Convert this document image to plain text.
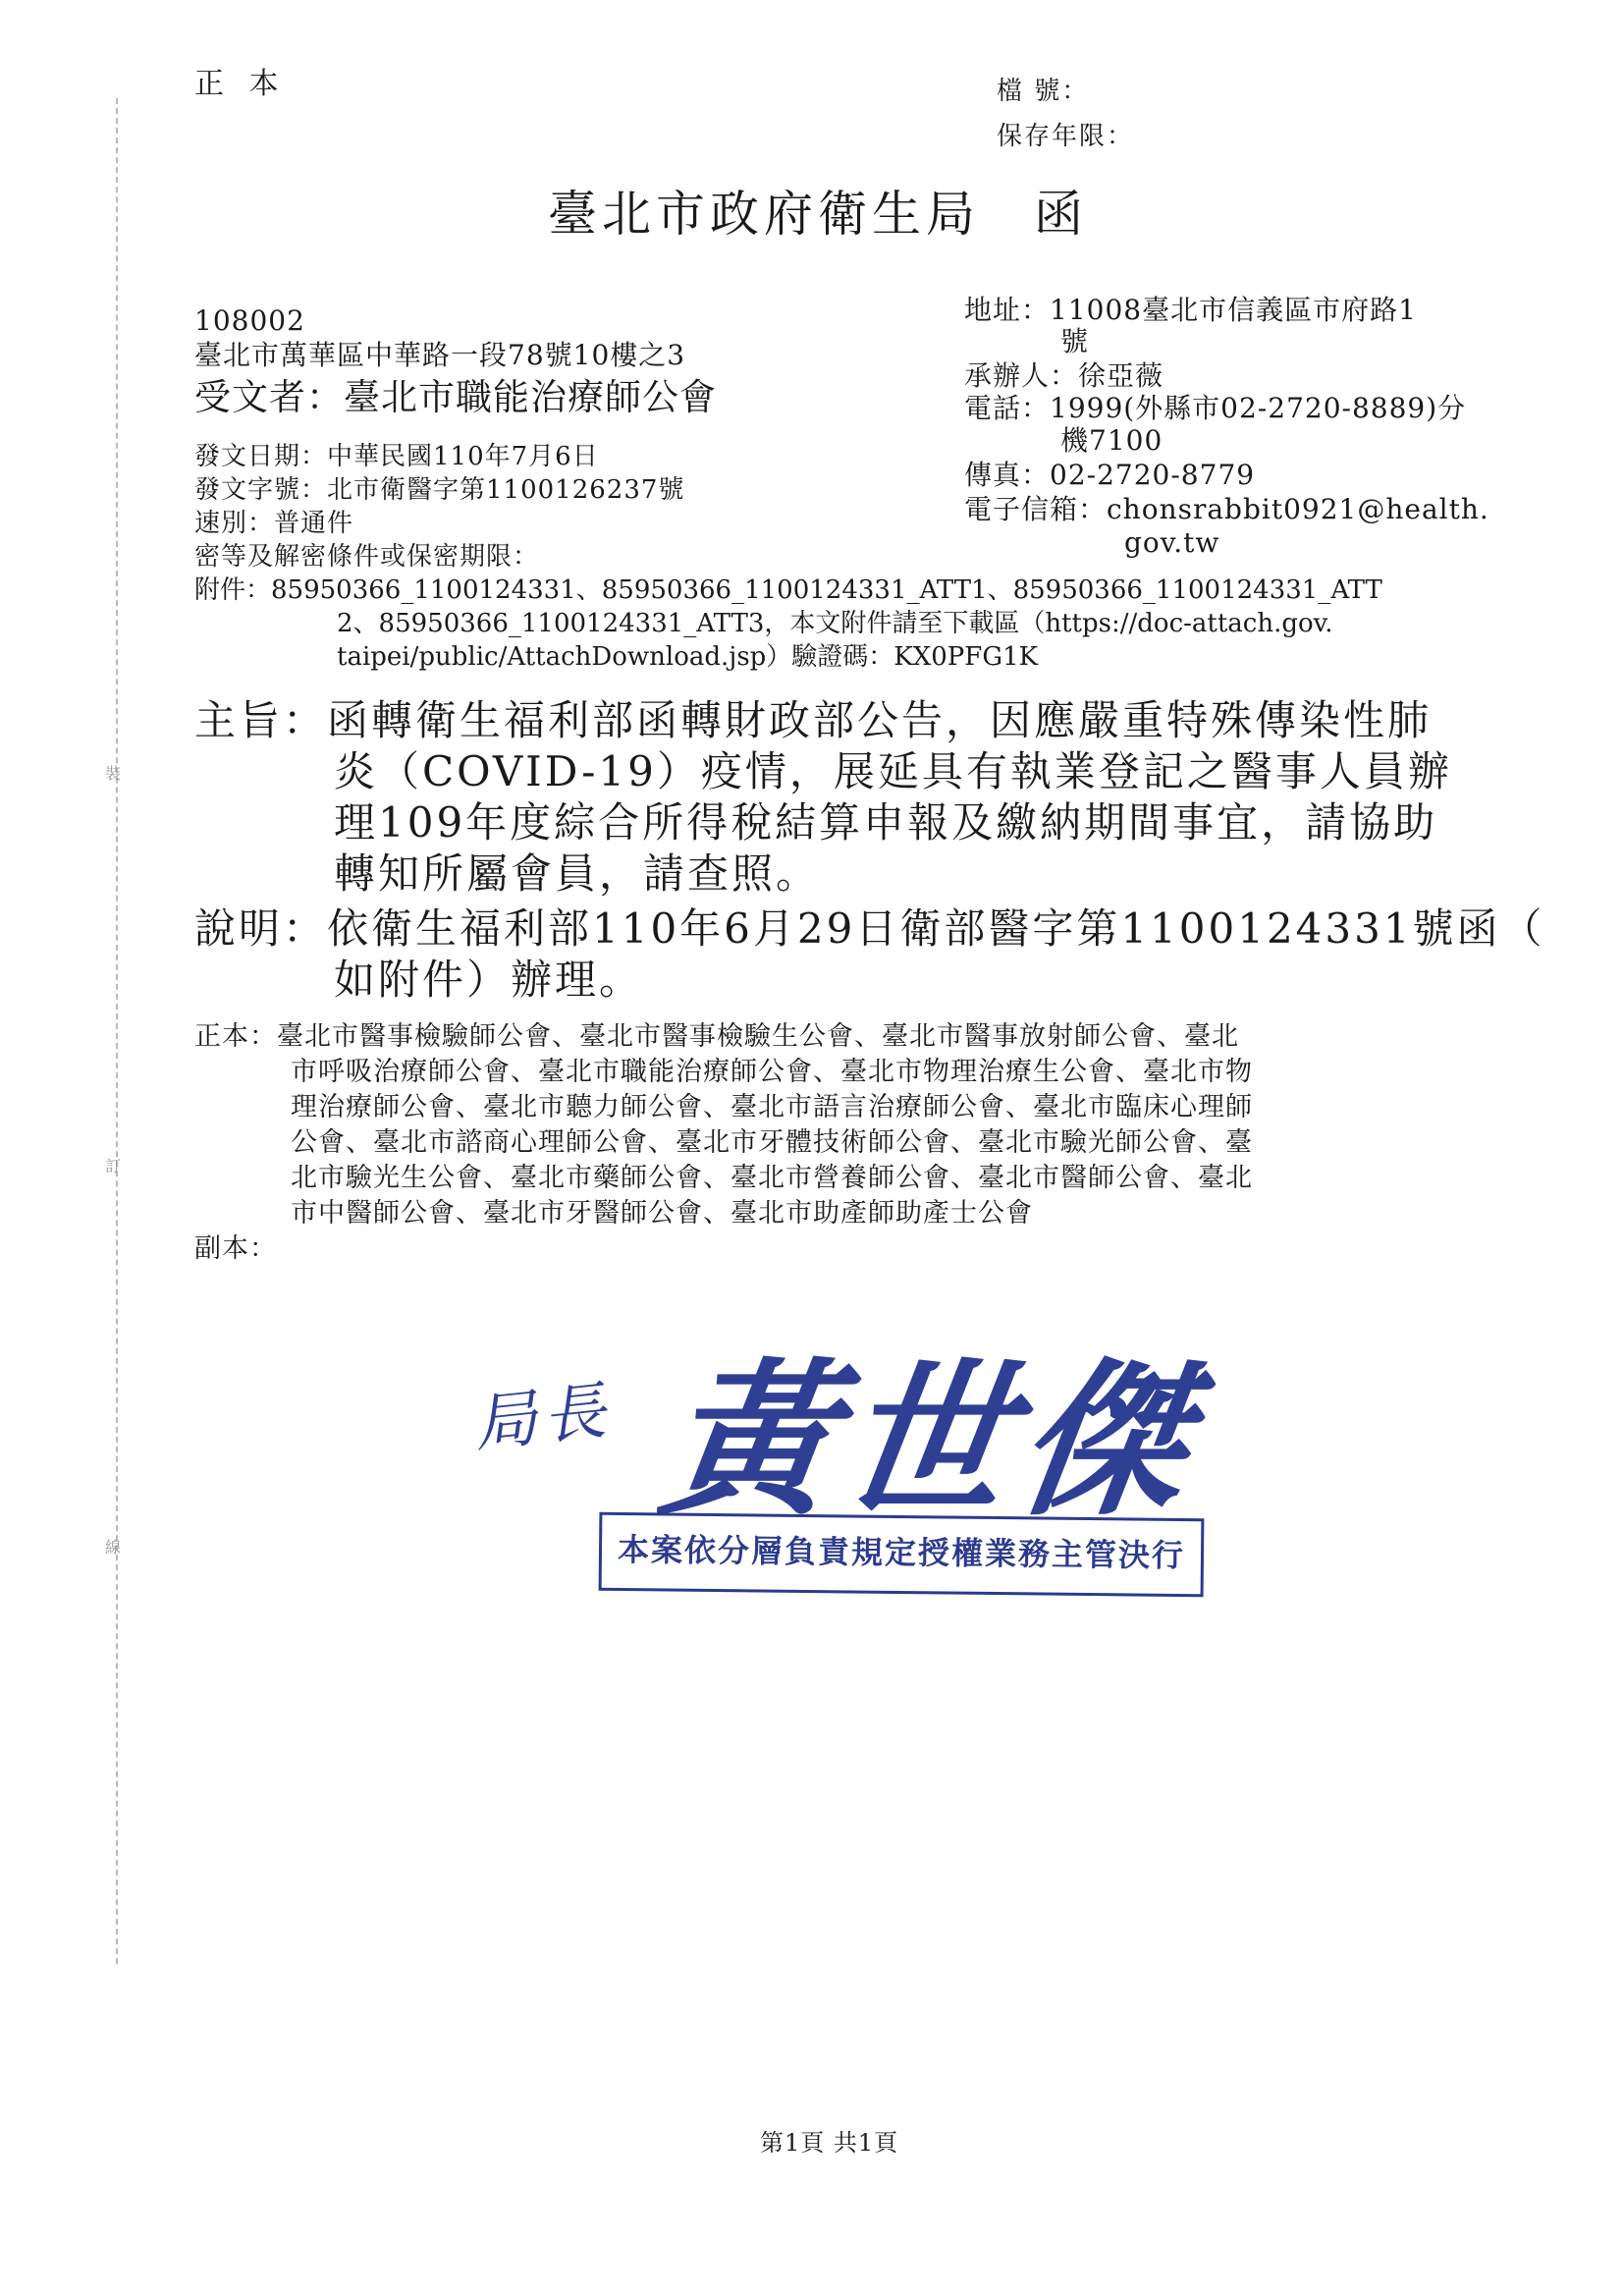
裝
訂
線
正 本	檔 號：
保存年限：
臺北市政府衛生局　函
108002
臺北市萬華區中華路一段78號10樓之3
受文者：臺北市職能治療師公會
地址：11008臺北市信義區市府路1
號
承辦人：徐亞薇
電話：1999(外縣市02-2720-8889)分
機7100
傳真：02-2720-8779
電子信箱：chonsrabbit0921@health.
gov.tw
發文日期：中華民國110年7月6日
發文字號：北市衛醫字第1100126237號
速別：普通件
密等及解密條件或保密期限：
附件：85950366_1100124331、85950366_1100124331_ATT1、85950366_1100124331_ATT
2、85950366_1100124331_ATT3，本文附件請至下載區（https://doc-attach.gov.
taipei/public/AttachDownload.jsp）驗證碼：KX0PFG1K
主旨：函轉衛生福利部函轉財政部公告，因應嚴重特殊傳染性肺
炎（COVID-19）疫情，展延具有執業登記之醫事人員辦
理109年度綜合所得稅結算申報及繳納期間事宜，請協助
轉知所屬會員，請查照。
說明：依衛生福利部110年6月29日衛部醫字第1100124331號函（
如附件）辦理。
正本：臺北市醫事檢驗師公會、臺北市醫事檢驗生公會、臺北市醫事放射師公會、臺北
市呼吸治療師公會、臺北市職能治療師公會、臺北市物理治療生公會、臺北市物
理治療師公會、臺北市聽力師公會、臺北市語言治療師公會、臺北市臨床心理師
公會、臺北市諮商心理師公會、臺北市牙體技術師公會、臺北市驗光師公會、臺
北市驗光生公會、臺北市藥師公會、臺北市營養師公會、臺北市醫師公會、臺北
市中醫師公會、臺北市牙醫師公會、臺北市助產師助產士公會
副本：
局長 黃世傑
本案依分層負責規定授權業務主管決行
第1頁 共1頁
